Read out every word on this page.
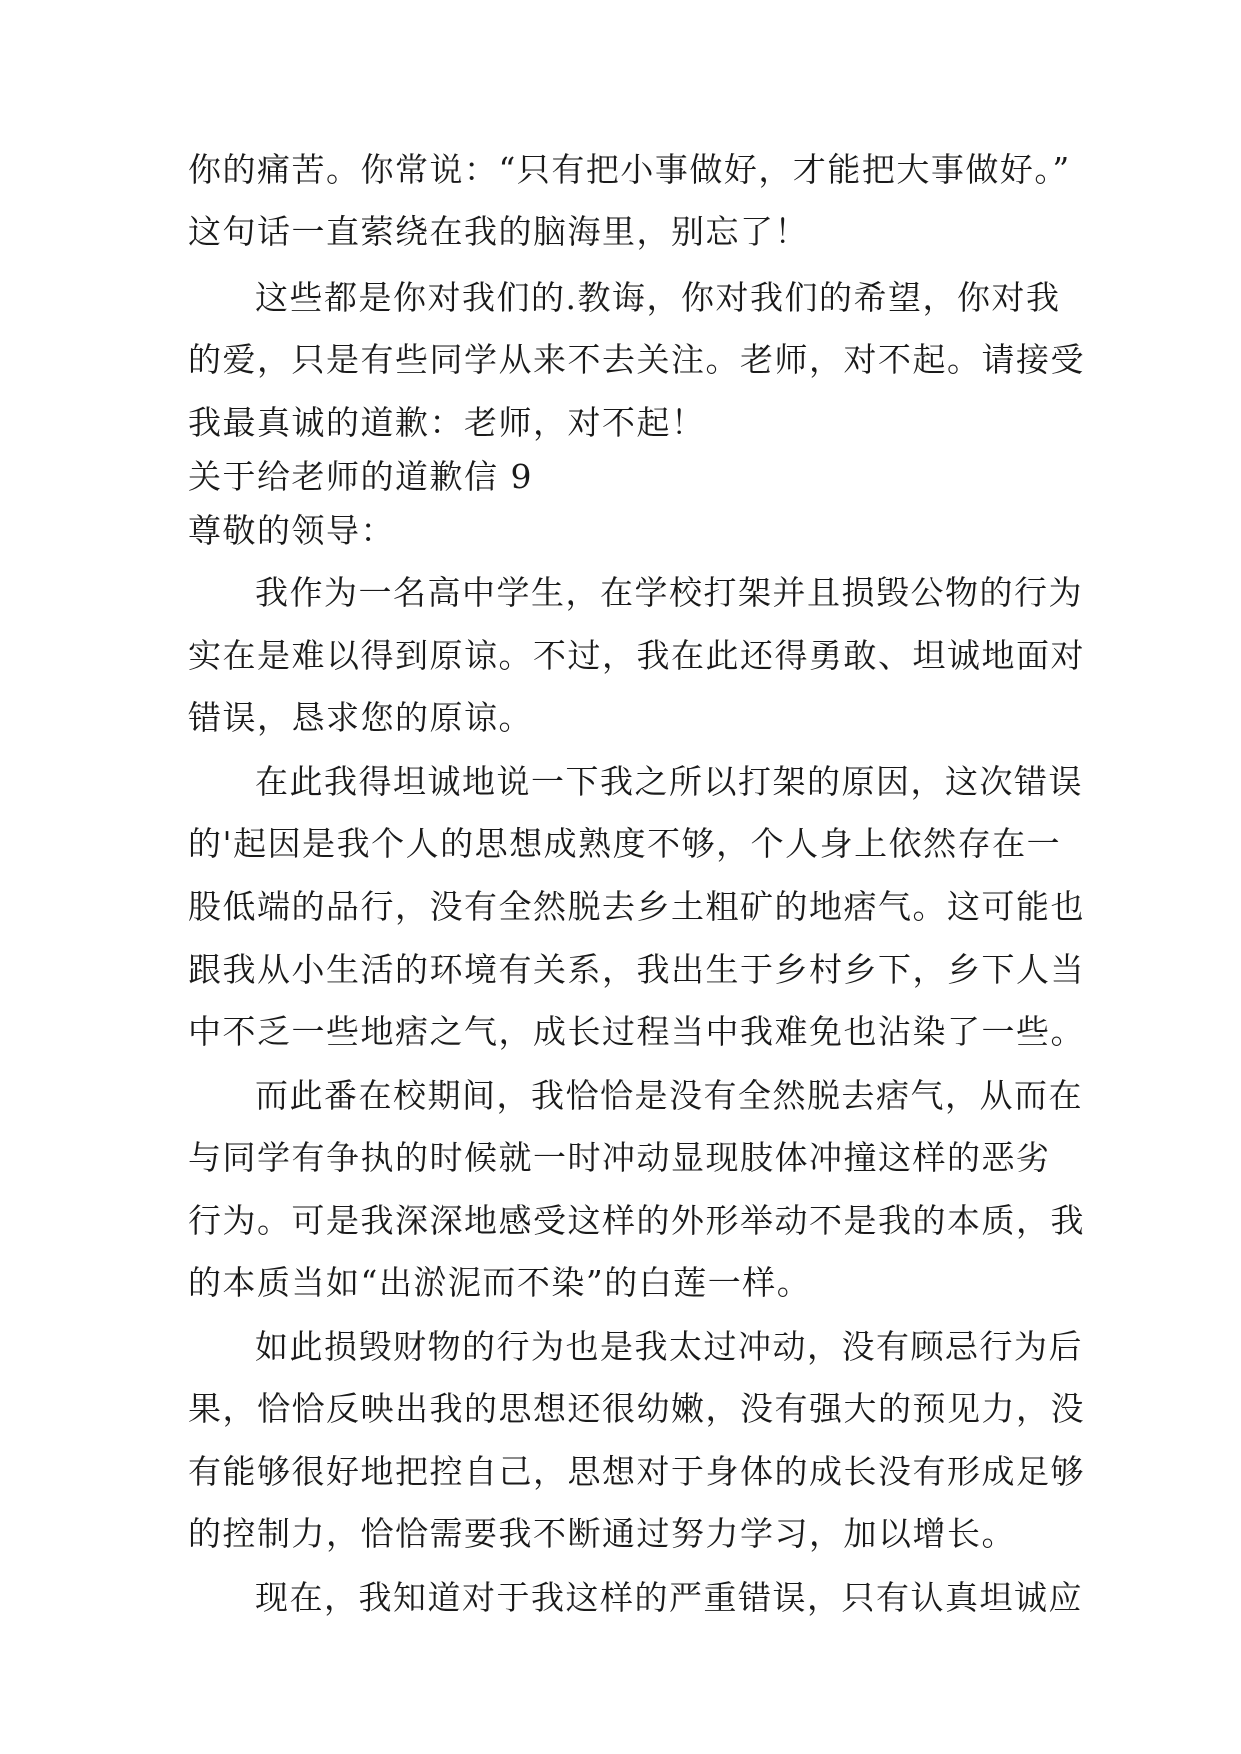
你的痛苦。你常说：“只有把小事做好，才能把大事做好。”
这句话一直萦绕在我的脑海里，别忘了！
这些都是你对我们的.教诲，你对我们的希望，你对我
的爱，只是有些同学从来不去关注。老师，对不起。请接受
我最真诚的道歉：老师，对不起！
关于给老师的道歉信 9
尊敬的领导：
我作为一名高中学生，在学校打架并且损毁公物的行为
实在是难以得到原谅。不过，我在此还得勇敢、坦诚地面对
错误，恳求您的原谅。
在此我得坦诚地说一下我之所以打架的原因，这次错误
的'起因是我个人的思想成熟度不够，个人身上依然存在一
股低端的品行，没有全然脱去乡土粗矿的地痞气。这可能也
跟我从小生活的环境有关系，我出生于乡村乡下，乡下人当
中不乏一些地痞之气，成长过程当中我难免也沾染了一些。
而此番在校期间，我恰恰是没有全然脱去痞气，从而在
与同学有争执的时候就一时冲动显现肢体冲撞这样的恶劣
行为。可是我深深地感受这样的外形举动不是我的本质，我
的本质当如“出淤泥而不染”的白莲一样。
如此损毁财物的行为也是我太过冲动，没有顾忌行为后
果，恰恰反映出我的思想还很幼嫩，没有强大的预见力，没
有能够很好地把控自己，思想对于身体的成长没有形成足够
的控制力，恰恰需要我不断通过努力学习，加以增长。
现在，我知道对于我这样的严重错误，只有认真坦诚应
